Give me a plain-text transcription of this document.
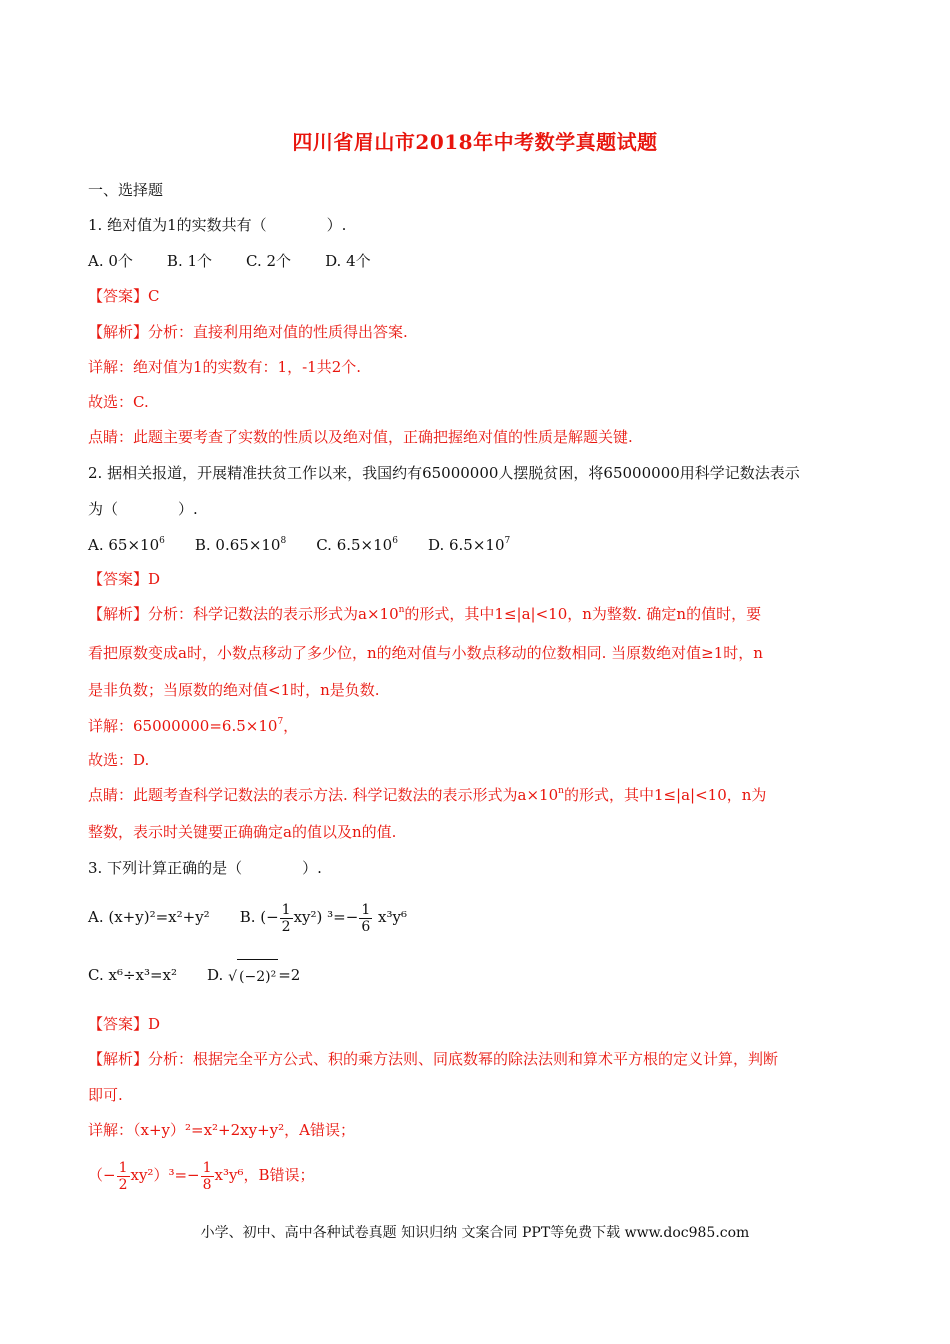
四川省眉山市2018年中考数学真题试题
一、选择题
1. 绝对值为1的实数共有（　　　　）.
A. 0个 B. 1个 C. 2个 D. 4个
【答案】C
【解析】分析：直接利用绝对值的性质得出答案.
详解：绝对值为1的实数有：1，-1共2个.
故选：C.
点睛：此题主要考查了实数的性质以及绝对值，正确把握绝对值的性质是解题关键.
2. 据相关报道，开展精准扶贫工作以来，我国约有65000000人摆脱贫困，将65000000用科学记数法表示
为（　　　　）.
A. $65\times 10^6$ B. $0.65\times 10^8$ C. $6.5\times 10^6$ D. $6.5\times 10^7$
【答案】D
【解析】分析：科学记数法的表示形式为$a\times 10^n$的形式，其中1≤|a|<10，n为整数. 确定n的值时，要
看把原数变成a时，小数点移动了多少位，n的绝对值与小数点移动的位数相同. 当原数绝对值≥1时，n
是非负数；当原数的绝对值<1时，n是负数.
详解：$65000000=6.5\times 10^7$，
故选：D.
点睛：此题考查科学记数法的表示方法. 科学记数法的表示形式为$a\times 10^n$的形式，其中1≤|a|<10，n为
整数，表示时关键要正确确定a的值以及n的值.
3. 下列计算正确的是（　　　　）.
A. (x+y)²=x²+y² B. (− $\frac{1}{2} xy^2$) $^3=- \frac{1}{6} x^3y^6$
C. x⁶÷x³=x² D. √ (−2)² =2
【答案】D
【解析】分析：根据完全平方公式、积的乘方法则、同底数幂的除法法则和算术平方根的定义计算，判断
即可.
详解：（x+y）²=x²+2xy+y²，A错误；
（− $\frac{1}{2} xy^2)^3=- \frac{1}{8} x^3y^6$，B错误；
小学、初中、高中各种试卷真题 知识归纳 文案合同 PPT等免费下载 www.doc985.com
